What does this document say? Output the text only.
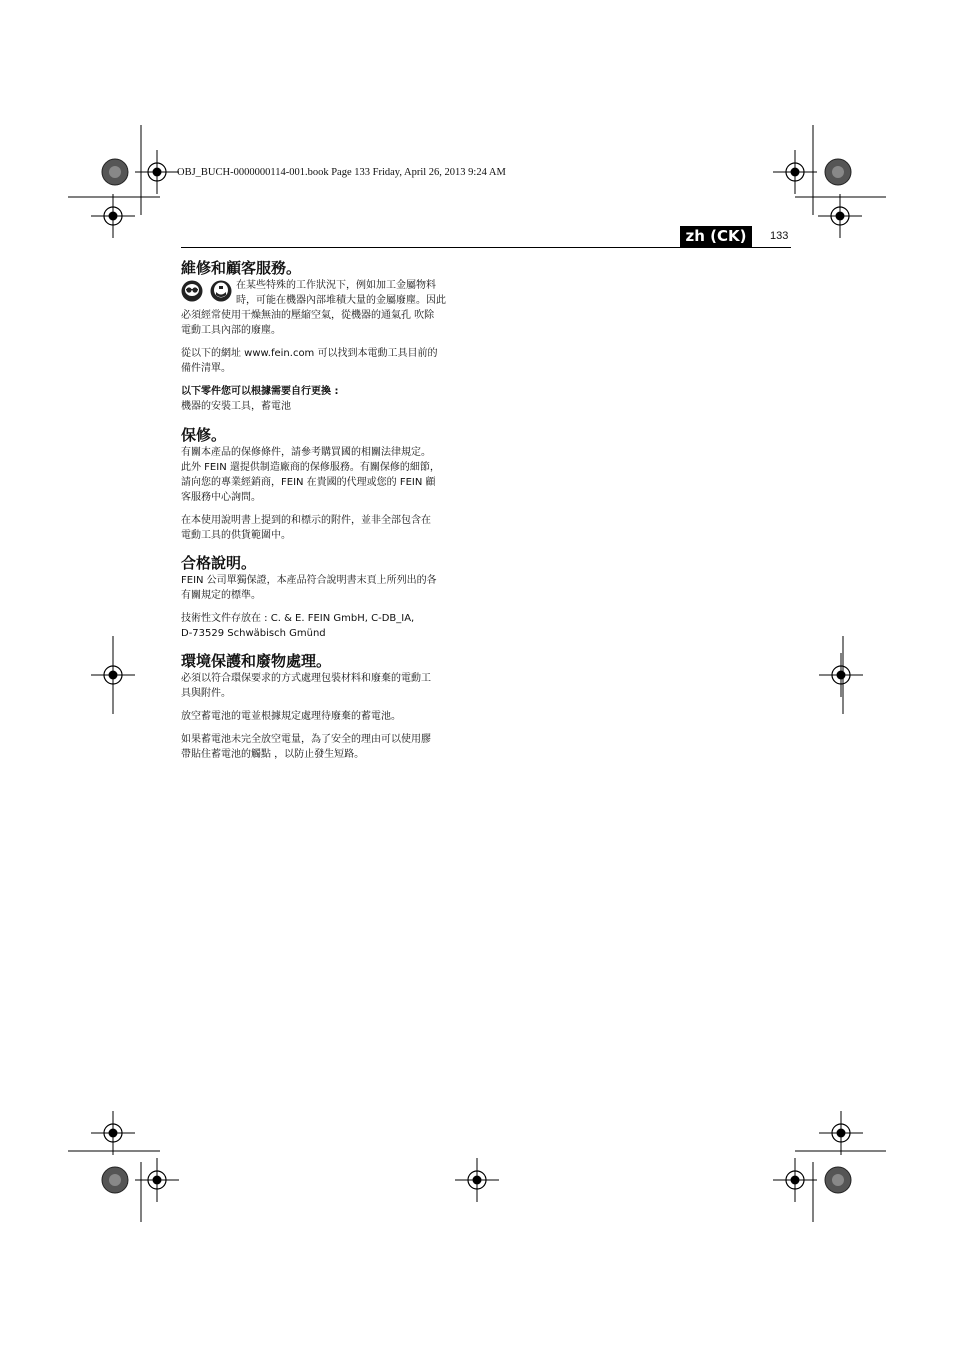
OBJ_BUCH-0000000114-001.book Page 133 Friday, April 26, 2013 9:24 AM
zh (CK)	133
維修和顧客服務。
在某些特殊的工作狀況下，例如加工金屬物料
時，可能在機器內部堆積大量的金屬廢塵。因此
必須經常使用干燥無油的壓縮空氣，從機器的通氣孔 吹除
電動工具內部的廢塵。

從以下的網址 www.fein.com 可以找到本電動工具目前的
備件清單。

以下零件您可以根據需要自行更換 :

機器的安裝工具，蓄電池

保修。

有關本產品的保修條件，請參考購買國的相關法律規定。
此外 FEIN 還提供制造廠商的保修服務。有關保修的細節，
請向您的專業經銷商，FEIN 在貴國的代理或您的 FEIN 顧
客服務中心詢問。

在本使用說明書上提到的和標示的附件，並非全部包含在
電動工具的供貨範圍中。

合格說明。

FEIN 公司單獨保證，本產品符合說明書末頁上所列出的各
有關規定的標準。

技術性文件存放在 : C. & E. FEIN GmbH, C-DB_IA,
D-73529 Schwäbisch Gmünd

環境保護和廢物處理。

必須以符合環保要求的方式處理包裝材料和廢棄的電動工
具與附件。

放空蓄電池的電並根據規定處理待廢棄的蓄電池。

如果蓄電池未完全放空電量，為了安全的理由可以使用膠
帶貼住蓄電池的觸點 ，以防止發生短路。
